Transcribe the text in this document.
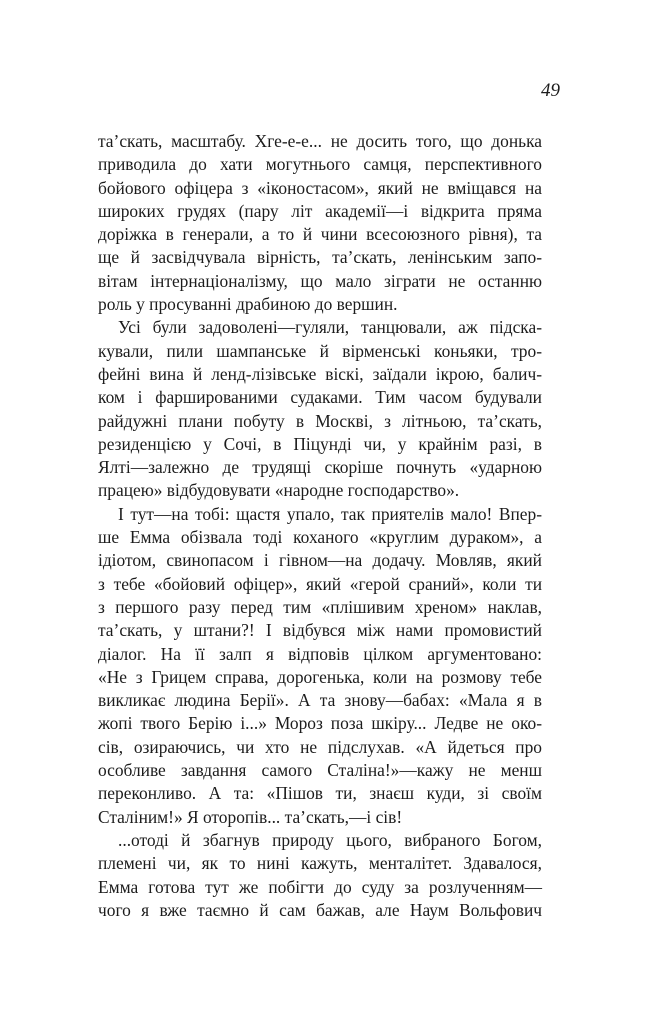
49

та’скать, масштабу. Хге-е-е... не досить того, що донька
приводила до хати могутнього самця, перспективного
бойового офіцера з «іконостасом», який не вміщався на
широких грудях (пару літ академії—і відкрита пряма
доріжка в генерали, а то й чини всесоюзного рівня), та
ще й засвідчувала вірність, та’скать, ленінським запо-
вітам інтернаціоналізму, що мало зіграти не останню
роль у просуванні драбиною до вершин.

Усі були задоволені—гуляли, танцювали, аж підска-
кували, пили шампанське й вірменські коньяки, тро-
фейні вина й ленд-лізівське віскі, заїдали ікрою, балич-
ком і фаршированими судаками. Тим часом будували
райдужні плани побуту в Москві, з літньою, та’скать,
резиденцією у Сочі, в Піцунді чи, у крайнім разі, в
Ялті—залежно де трудящі скоріше почнуть «ударною
працею» відбудовувати «народне господарство».

І тут—на тобі: щастя упало, так приятелів мало! Впер-
ше Емма обізвала тоді коханого «круглим дураком», а
ідіотом, свинопасом і гівном—на додачу. Мовляв, який
з тебе «бойовий офіцер», який «герой сраний», коли ти
з першого разу перед тим «плішивим хреном» наклав,
та’скать, у штани?! І відбувся між нами промовистий
діалог. На її залп я відповів цілком аргументовано:
«Не з Грицем справа, дорогенька, коли на розмову тебе
викликає людина Берії». А та знову—бабах: «Мала я в
жопі твого Берію і...» Мороз поза шкіру... Ледве не око-
сів, озираючись, чи хто не підслухав. «А йдеться про
особливе завдання самого Сталіна!»—кажу не менш
переконливо. А та: «Пішов ти, знаєш куди, зі своїм
Сталіним!» Я оторопів... та’скать,—і сів!

...отоді й збагнув природу цього, вибраного Богом,
племені чи, як то нині кажуть, менталітет. Здавалося,
Емма готова тут же побігти до суду за розлученням—
чого я вже таємно й сам бажав, але Наум Вольфович
